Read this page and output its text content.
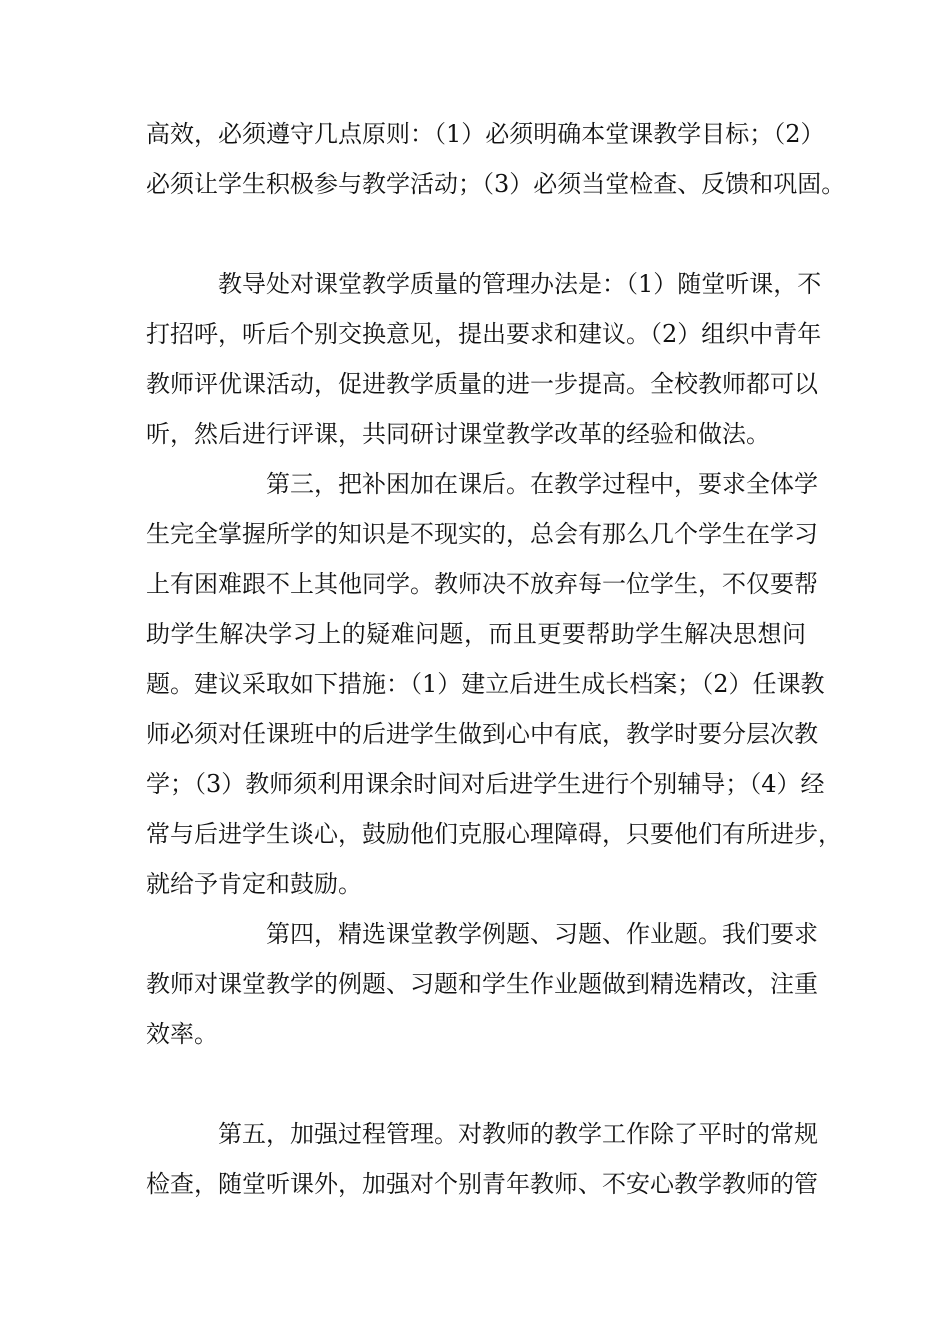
高效，必须遵守几点原则：（1）必须明确本堂课教学目标；（2）
必须让学生积极参与教学活动；（3）必须当堂检查、反馈和巩固。
教导处对课堂教学质量的管理办法是：（1）随堂听课，不
打招呼，听后个别交换意见，提出要求和建议。（2）组织中青年
教师评优课活动，促进教学质量的进一步提高。全校教师都可以
听，然后进行评课，共同研讨课堂教学改革的经验和做法。
第三，把补困加在课后。在教学过程中，要求全体学
生完全掌握所学的知识是不现实的，总会有那么几个学生在学习
上有困难跟不上其他同学。教师决不放弃每一位学生，不仅要帮
助学生解决学习上的疑难问题，而且更要帮助学生解决思想问
题。建议采取如下措施：（1）建立后进生成长档案；（2）任课教
师必须对任课班中的后进学生做到心中有底，教学时要分层次教
学；（3）教师须利用课余时间对后进学生进行个别辅导；（4）经
常与后进学生谈心，鼓励他们克服心理障碍，只要他们有所进步，
就给予肯定和鼓励。
第四，精选课堂教学例题、习题、作业题。我们要求
教师对课堂教学的例题、习题和学生作业题做到精选精改，注重
效率。
第五，加强过程管理。对教师的教学工作除了平时的常规
检查，随堂听课外，加强对个别青年教师、不安心教学教师的管
